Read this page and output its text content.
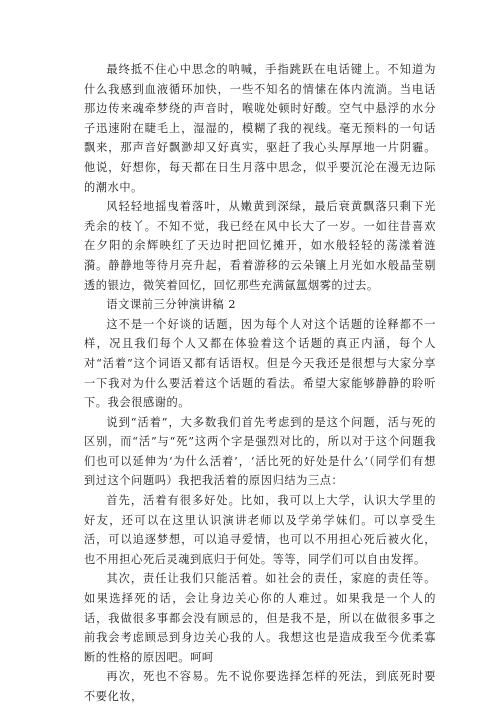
最终抵不住心中思念的呐喊，手指跳跃在电话键上。不知道为什么我感到血液循环加快，一些不知名的情愫在体内流淌。当电话那边传来魂牵梦绕的声音时，喉咙处顿时好酸。空气中悬浮的水分子迅速附在睫毛上，湿湿的，模糊了我的视线。毫无预料的一句话飘来，那声音好飘渺却又好真实，驱赶了我心头厚厚地一片阴霾。他说，好想你，每天都在日生月落中思念，似乎要沉沦在漫无边际的潮水中。

风轻轻地摇曳着落叶，从嫩黄到深绿，最后衰黄飘落只剩下光秃余的枝丫。不知不觉，我已经在风中长大了一岁。一如往昔喜欢在夕阳的余辉映红了天边时把回忆摊开，如水般轻轻的荡漾着涟漪。静静地等待月亮升起，看着游移的云朵镶上月光如水般晶莹剔透的银边，微笑着回忆，回忆那些充满氤氲烟雾的过去。

语文课前三分钟演讲稿 2

这不是一个好谈的话题，因为每个人对这个话题的诠释都不一样，况且我们每个人又都在体验着这个话题的真正内涵，每个人对“活着”这个词语又都有话语权。但是今天我还是很想与大家分享一下我对为什么要活着这个话题的看法。希望大家能够静静的聆听下。我会很感谢的。

说到“活着”，大多数我们首先考虑到的是这个问题，活与死的区别，而“活”与“死”这两个字是强烈对比的，所以对于这个问题我们也可以延伸为‘为什么活着’，‘活比死的好处是什么’（同学们有想到过这个问题吗）我把我活着的原因归结为三点：

首先，活着有很多好处。比如，我可以上大学，认识大学里的好友，还可以在这里认识演讲老师以及学弟学妹们。可以享受生活，可以追逐梦想，可以追寻爱情，也可以不用担心死后被火化，也不用担心死后灵魂到底归于何处。等等，同学们可以自由发挥。

其次，责任让我们只能活着。如社会的责任，家庭的责任等。如果选择死的话，会让身边关心你的人难过。如果我是一个人的话，我做很多事都会没有顾忌的，但是我不是，所以在做很多事之前我会考虑顾忌到身边关心我的人。我想这也是造成我至今优柔寡断的性格的原因吧。呵呵

再次，死也不容易。先不说你要选择怎样的死法，到底死时要不要化妆，
